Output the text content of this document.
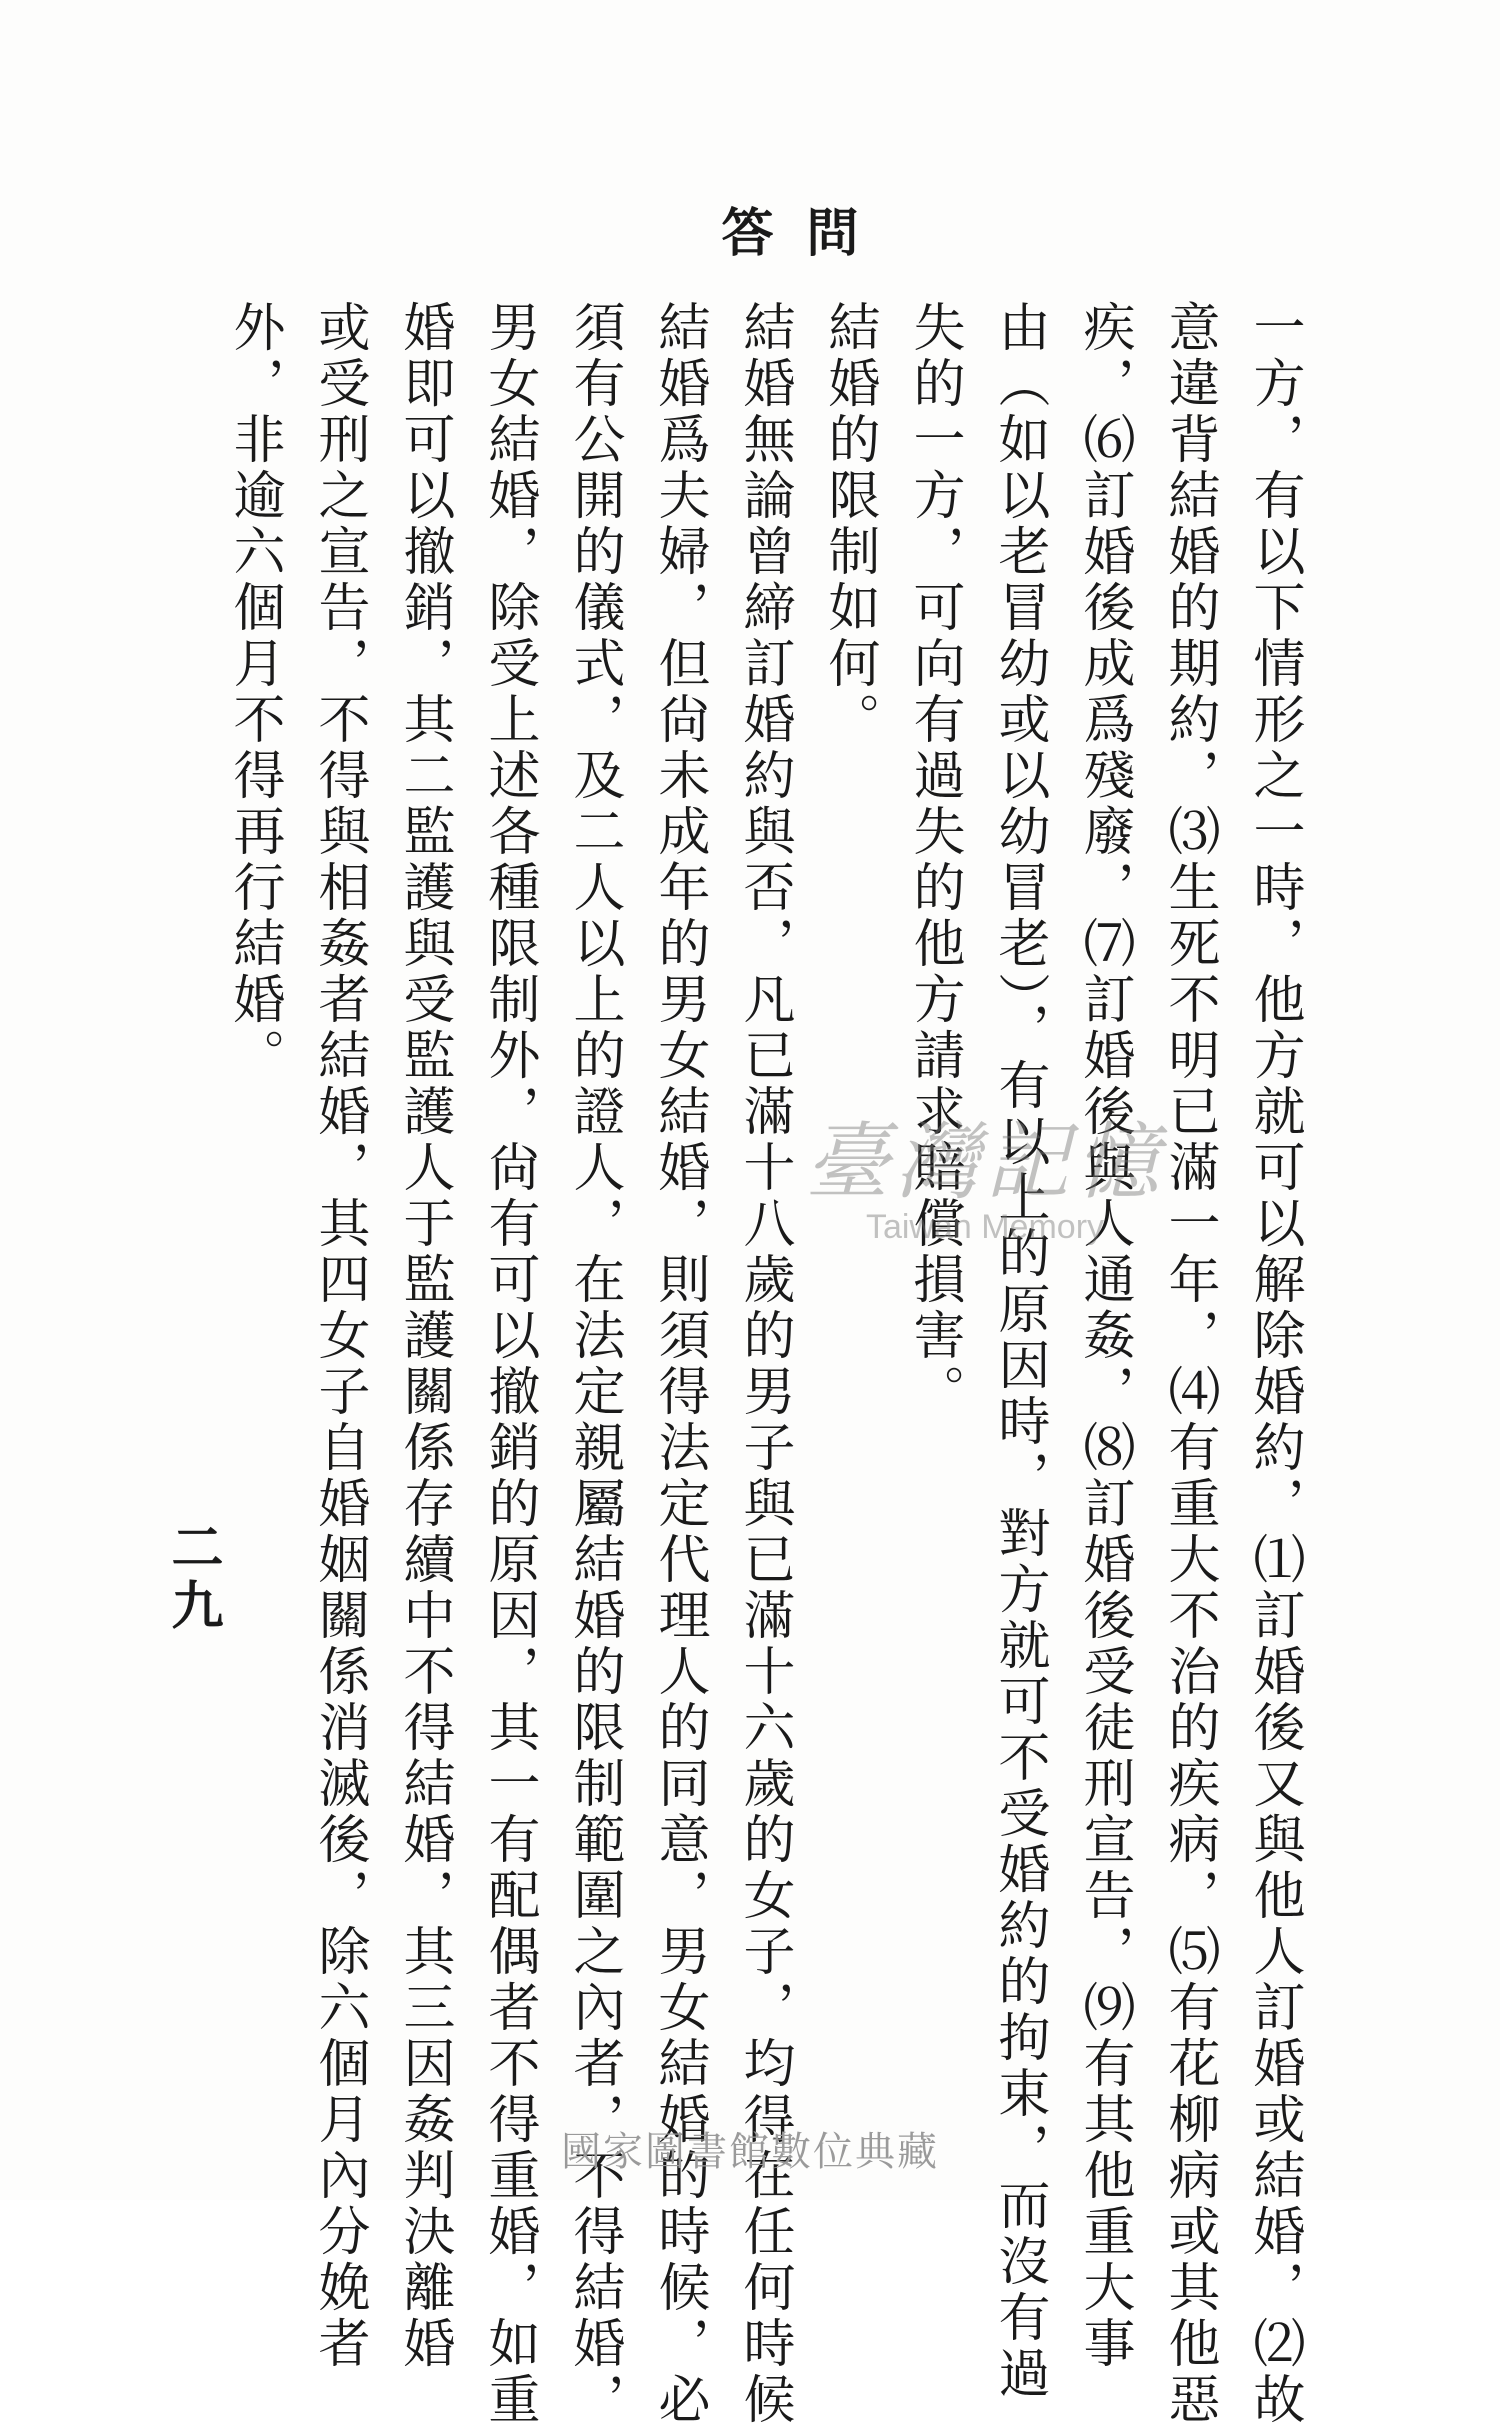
問
答
一方，有以下情形之一時，他方就可以解除婚約，⑴訂婚後又與他人訂婚或結婚，⑵故
意違背結婚的期約，⑶生死不明已滿一年，⑷有重大不治的疾病，⑸有花柳病或其他惡
疾，⑹訂婚後成爲殘廢，⑺訂婚後與人通姦，⑻訂婚後受徒刑宣告，⑼有其他重大事
由（如以老冒幼或以幼冒老），有以上的原因時，對方就可不受婚約的拘束，而沒有過
失的一方，可向有過失的他方請求賠償損害。
結婚的限制如何。
結婚無論曾締訂婚約與否，凡已滿十八歲的男子與已滿十六歲的女子，均得在任何時候
結婚爲夫婦，但尙未成年的男女結婚，則須得法定代理人的同意，男女結婚的時候，必
須有公開的儀式，及二人以上的證人，在法定親屬結婚的限制範圍之內者，不得結婚，
男女結婚，除受上述各種限制外，尙有可以撤銷的原因，其一有配偶者不得重婚，如重
婚即可以撤銷，其二監護與受監護人于監護關係存續中不得結婚，其三因姦判決離婚
或受刑之宣告，不得與相姦者結婚，其四女子自婚姻關係消滅後，除六個月內分娩者
外，非逾六個月不得再行結婚。
二九
臺灣記憶
Taiwan Memory
國家圖書館數位典藏
